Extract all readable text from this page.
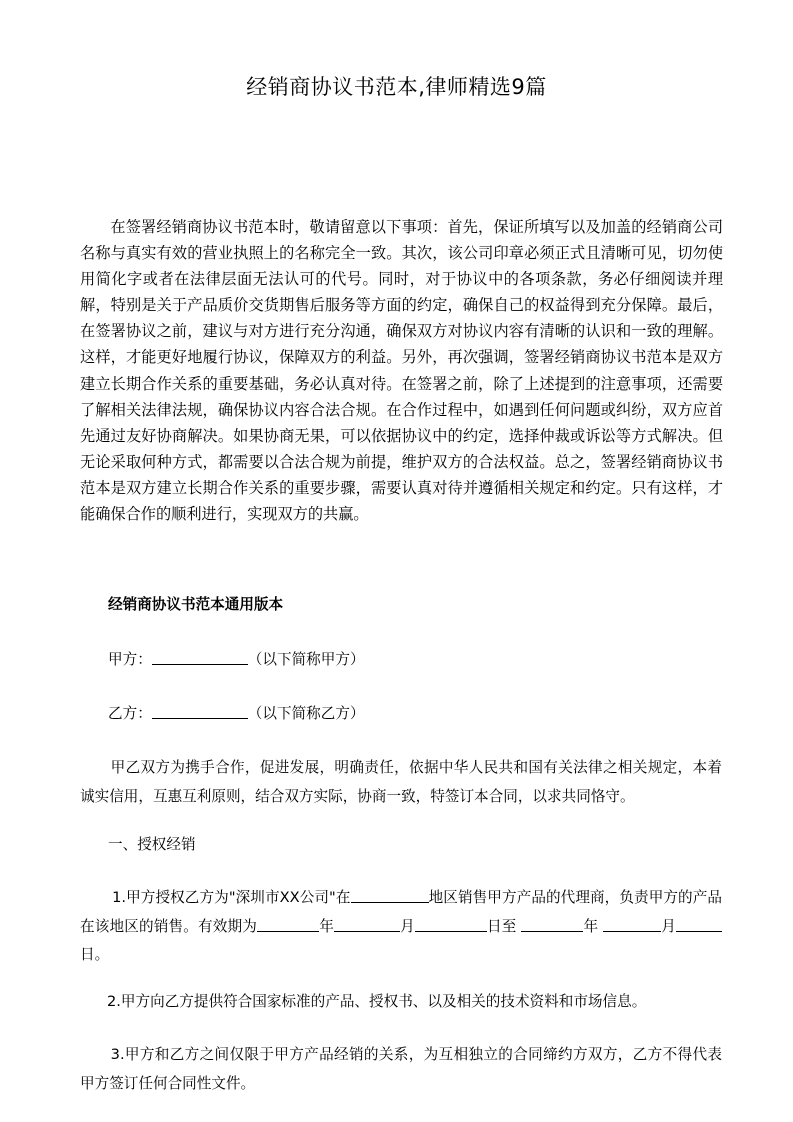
经销商协议书范本,律师精选9篇

在签署经销商协议书范本时，敬请留意以下事项：首先，保证所填写以及加盖的经销商公司名称与真实有效的营业执照上的名称完全一致。其次，该公司印章必须正式且清晰可见，切勿使用简化字或者在法律层面无法认可的代号。同时，对于协议中的各项条款，务必仔细阅读并理解，特别是关于产品质价交货期售后服务等方面的约定，确保自己的权益得到充分保障。最后，在签署协议之前，建议与对方进行充分沟通，确保双方对协议内容有清晰的认识和一致的理解。这样，才能更好地履行协议，保障双方的利益。另外，再次强调，签署经销商协议书范本是双方建立长期合作关系的重要基础，务必认真对待。在签署之前，除了上述提到的注意事项，还需要了解相关法律法规，确保协议内容合法合规。在合作过程中，如遇到任何问题或纠纷，双方应首先通过友好协商解决。如果协商无果，可以依据协议中的约定，选择仲裁或诉讼等方式解决。但无论采取何种方式，都需要以合法合规为前提，维护双方的合法权益。总之，签署经销商协议书范本是双方建立长期合作关系的重要步骤，需要认真对待并遵循相关规定和约定。只有这样，才能确保合作的顺利进行，实现双方的共赢。

经销商协议书范本通用版本
甲方：	（以下简称甲方）
乙方：	（以下简称乙方）

甲乙双方为携手合作，促进发展，明确责任，依据中华人民共和国有关法律之相关规定，本着诚实信用，互惠互利原则，结合双方实际，协商一致，特签订本合同，以求共同恪守。

一、授权经销

1.甲方授权乙方为"深圳市XX公司"在	地区销售甲方产品的代理商，负责甲方的产品在该地区的销售。有效期为	年	月	日至	年	月日。

2.甲方向乙方提供符合国家标准的产品、授权书、以及相关的技术资料和市场信息。

3.甲方和乙方之间仅限于甲方产品经销的关系，为互相独立的合同缔约方双方，乙方不得代表甲方签订任何合同性文件。
